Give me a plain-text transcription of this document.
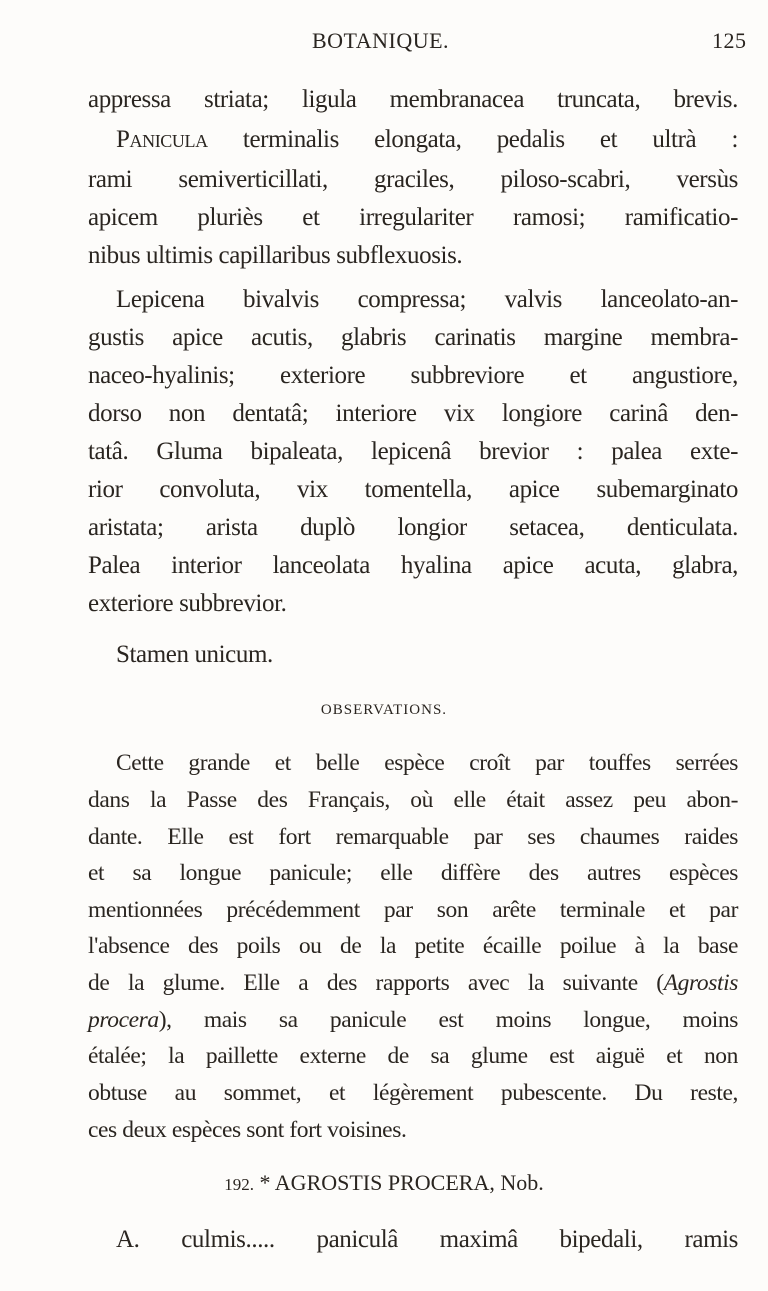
BOTANIQUE.	125
OBSERVATIONS.
192. * AGROSTIS PROCERA, Nob.
appressa striata; ligula membranacea truncata, brevis.
Panicula terminalis elongata, pedalis et ultrà :
rami semiverticillati, graciles, piloso-scabri, versùs
apicem pluriès et irregulariter ramosi; ramificatio-
nibus ultimis capillaribus subflexuosis.
Lepicena bivalvis compressa; valvis lanceolato-an-
gustis apice acutis, glabris carinatis margine membra-
naceo-hyalinis; exteriore subbreviore et angustiore,
dorso non dentatâ; interiore vix longiore carinâ den-
tatâ. Gluma bipaleata, lepicenâ brevior : palea exte-
rior convoluta, vix tomentella, apice subemarginato
aristata; arista duplò longior setacea, denticulata.
Palea interior lanceolata hyalina apice acuta, glabra,
exteriore subbrevior.
Stamen unicum.
Cette grande et belle espèce croît par touffes serrées
dans la Passe des Français, où elle était assez peu abon-
dante. Elle est fort remarquable par ses chaumes raides
et sa longue panicule; elle diffère des autres espèces
mentionnées précédemment par son arête terminale et par
l'absence des poils ou de la petite écaille poilue à la base
de la glume. Elle a des rapports avec la suivante (Agrostis
procera), mais sa panicule est moins longue, moins
étalée; la paillette externe de sa glume est aiguë et non
obtuse au sommet, et légèrement pubescente. Du reste,
ces deux espèces sont fort voisines.
A. culmis..... paniculâ maximâ bipedali, ramis
